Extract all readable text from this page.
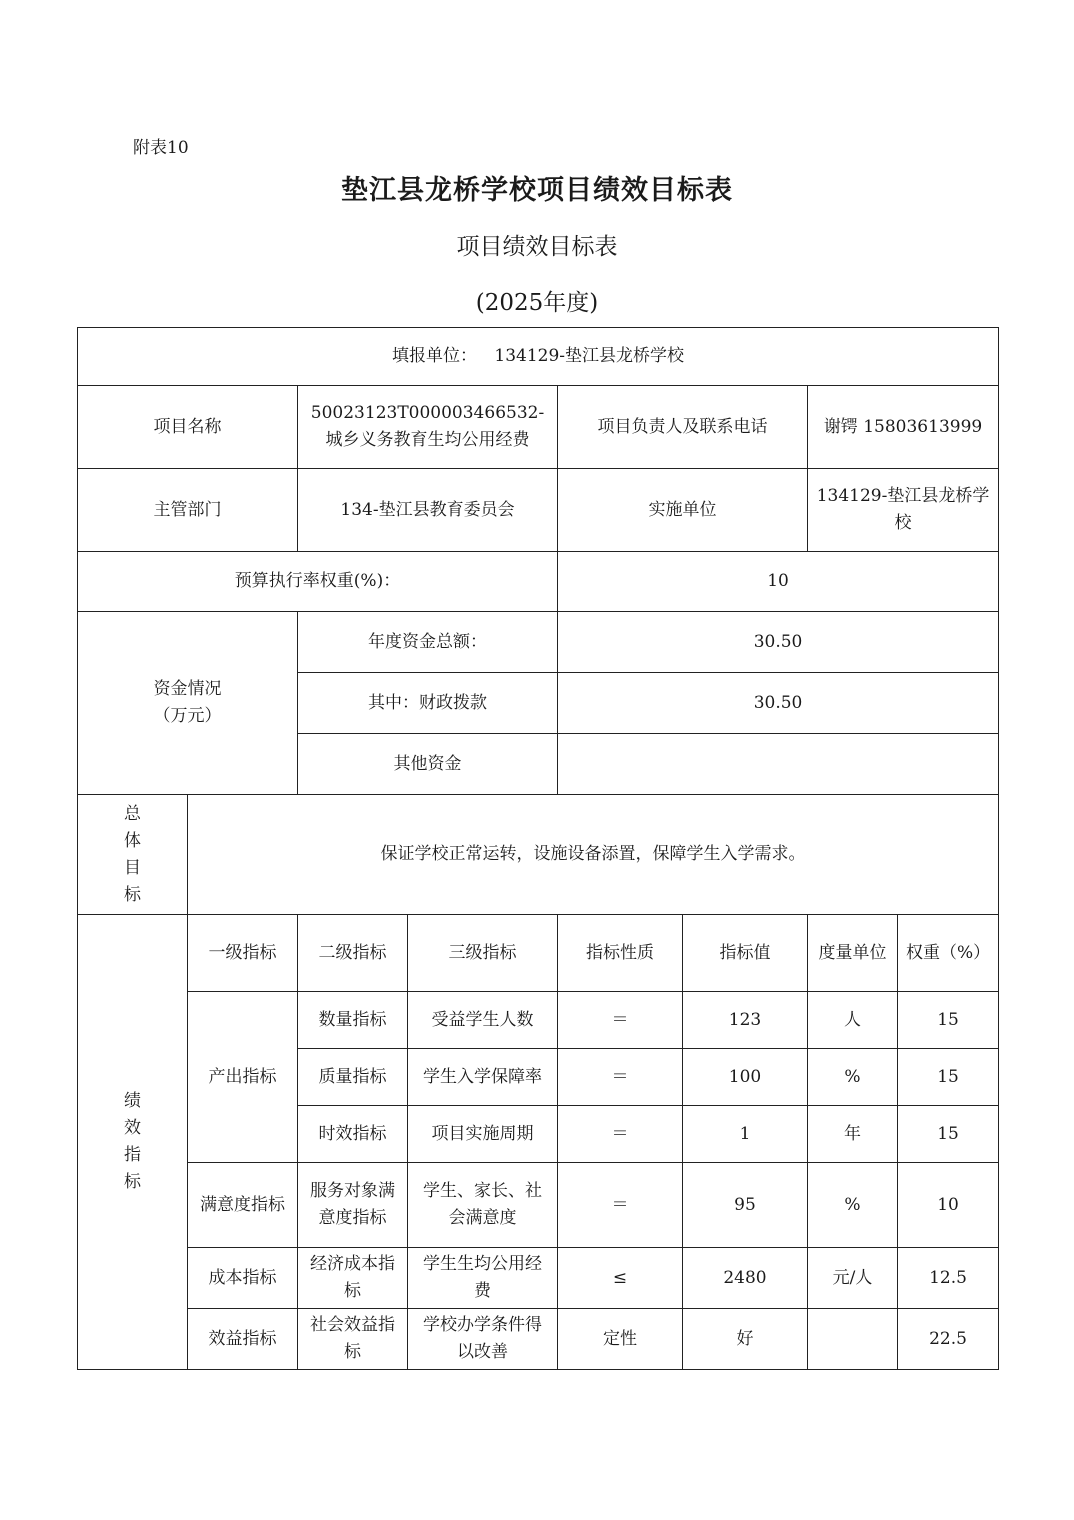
附表10
垫江县龙桥学校项目绩效目标表
项目绩效目标表
(2025年度)
填报单位： 134129-垫江县龙桥学校							
项目名称		50023123T000003466532-城乡义务教育生均公用经费		项目负责人及联系电话		谢锷 15803613999	
主管部门		134-垫江县教育委员会		实施单位		134129-垫江县龙桥学校	
预算执行率权重(%)：				10			
资金情况（万元）		年度资金总额：		30.50			
		其中：财政拨款		30.50			
		其他资金					

总体目标	保证学校正常运转，设施设备添置，保障学生入学需求。						

绩效指标	一级指标	二级指标	三级指标	指标性质	指标值	度量单位	权重（%）
	产出指标	数量指标	受益学生人数	＝	123	人	15
		质量指标	学生入学保障率	＝	100	%	15
		时效指标	项目实施周期	＝	1	年	15
	满意度指标	服务对象满意度指标	学生、家长、社会满意度	＝	95	%	10
	成本指标	经济成本指标	学生生均公用经费	≤	2480	元/人	12.5
	效益指标	社会效益指标	学校办学条件得以改善	定性	好		22.5
